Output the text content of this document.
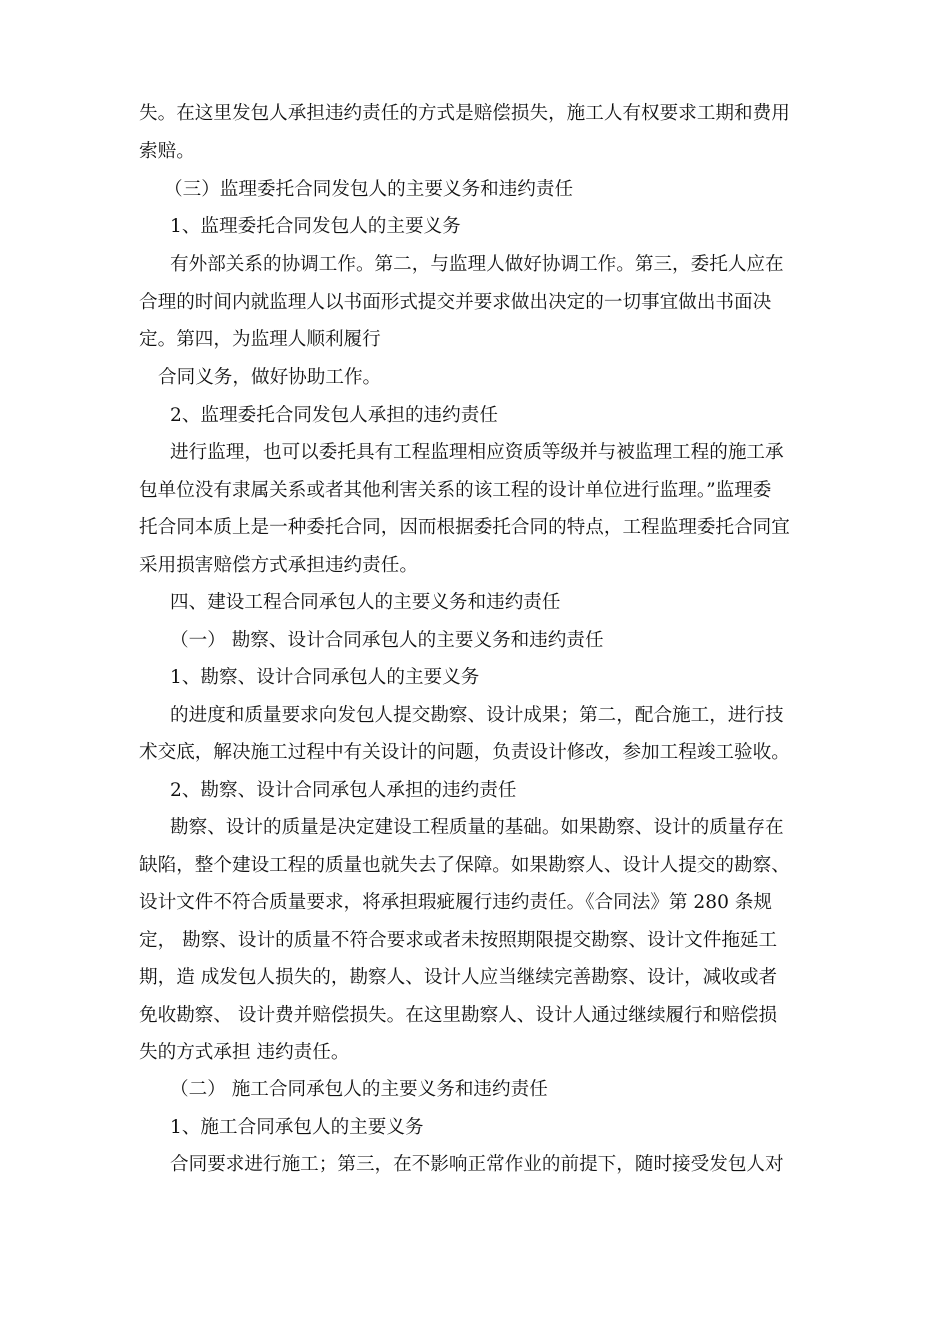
失。在这里发包人承担违约责任的方式是赔偿损失，施工人有权要求工期和费用
索赔。
（三）监理委托合同发包人的主要义务和违约责任
1、监理委托合同发包人的主要义务
有外部关系的协调工作。第二，与监理人做好协调工作。第三，委托人应在
合理的时间内就监理人以书面形式提交并要求做出决定的一切事宜做出书面决
定。第四，为监理人顺利履行
合同义务，做好协助工作。
2、监理委托合同发包人承担的违约责任
进行监理，也可以委托具有工程监理相应资质等级并与被监理工程的施工承
包单位没有隶属关系或者其他利害关系的该工程的设计单位进行监理。”监理委
托合同本质上是一种委托合同，因而根据委托合同的特点，工程监理委托合同宜
采用损害赔偿方式承担违约责任。
四、建设工程合同承包人的主要义务和违约责任
（一） 勘察、设计合同承包人的主要义务和违约责任
1、勘察、设计合同承包人的主要义务
的进度和质量要求向发包人提交勘察、设计成果；第二，配合施工，进行技
术交底，解决施工过程中有关设计的问题，负责设计修改，参加工程竣工验收。
2、勘察、设计合同承包人承担的违约责任
勘察、设计的质量是决定建设工程质量的基础。如果勘察、设计的质量存在
缺陷，整个建设工程的质量也就失去了保障。如果勘察人、设计人提交的勘察、
设计文件不符合质量要求，将承担瑕疵履行违约责任。《合同法》第 280 条规
定， 勘察、设计的质量不符合要求或者未按照期限提交勘察、设计文件拖延工
期，造 成发包人损失的，勘察人、设计人应当继续完善勘察、设计，减收或者
免收勘察、 设计费并赔偿损失。在这里勘察人、设计人通过继续履行和赔偿损
失的方式承担 违约责任。
（二） 施工合同承包人的主要义务和违约责任
1、施工合同承包人的主要义务
合同要求进行施工；第三，在不影响正常作业的前提下，随时接受发包人对
